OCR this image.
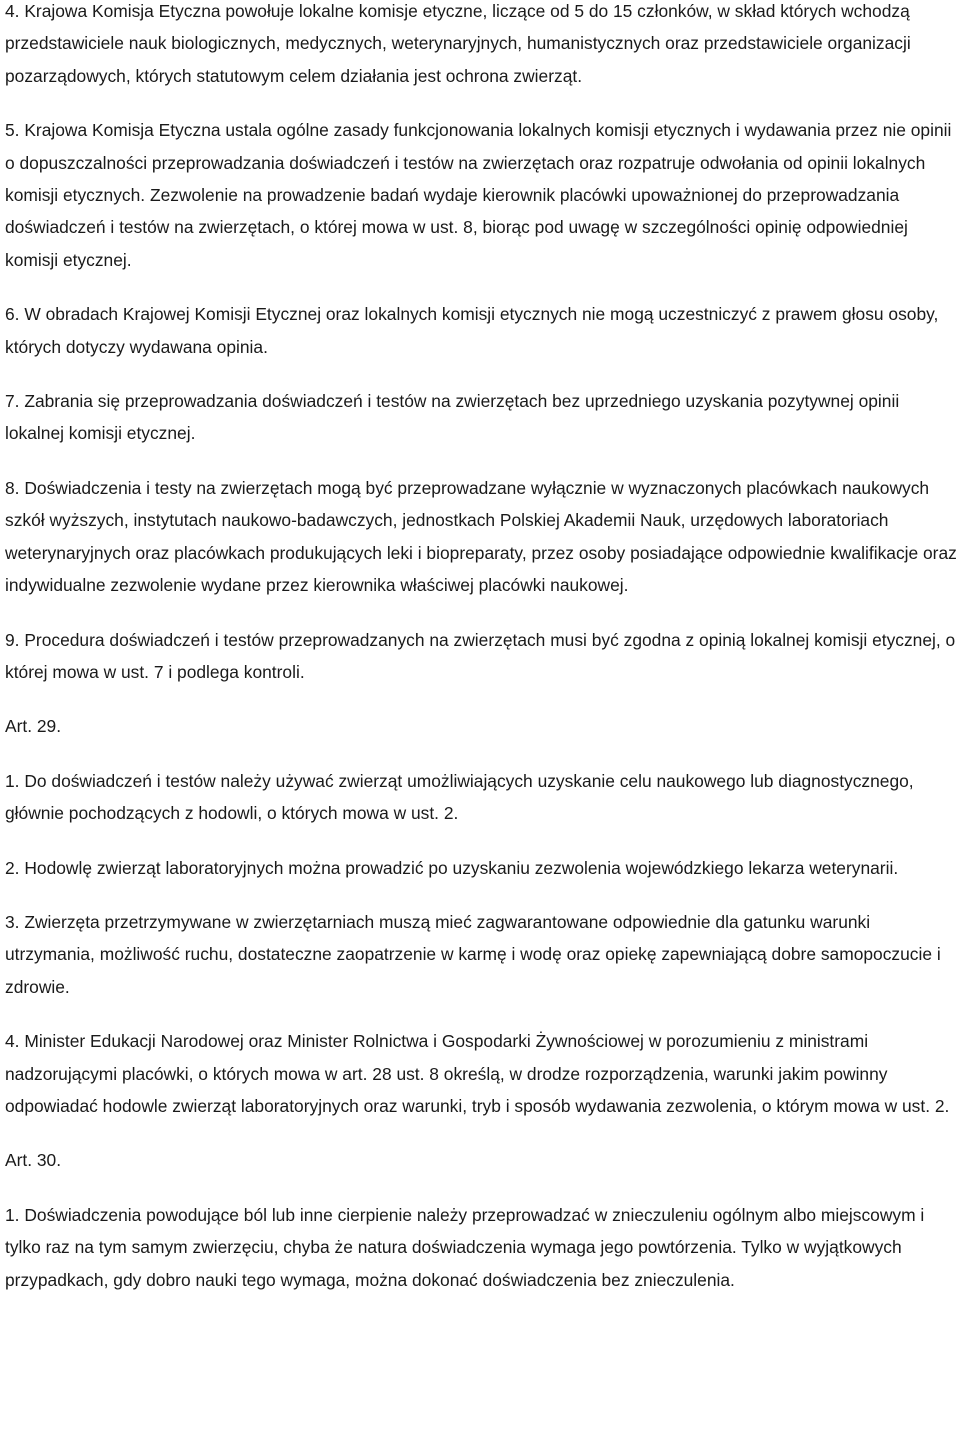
4. Krajowa Komisja Etyczna powołuje lokalne komisje etyczne, liczące od 5 do 15 członków, w skład których wchodzą przedstawiciele nauk biologicznych, medycznych, weterynaryjnych, humanistycznych oraz przedstawiciele organizacji pozarządowych, których statutowym celem działania jest ochrona zwierząt.

5. Krajowa Komisja Etyczna ustala ogólne zasady funkcjonowania lokalnych komisji etycznych i wydawania przez nie opinii o dopuszczalności przeprowadzania doświadczeń i testów na zwierzętach oraz rozpatruje odwołania od opinii lokalnych komisji etycznych. Zezwolenie na prowadzenie badań wydaje kierownik placówki upoważnionej do przeprowadzania doświadczeń i testów na zwierzętach, o której mowa w ust. 8, biorąc pod uwagę w szczególności opinię odpowiedniej komisji etycznej.

6. W obradach Krajowej Komisji Etycznej oraz lokalnych komisji etycznych nie mogą uczestniczyć z prawem głosu osoby, których dotyczy wydawana opinia.

7. Zabrania się przeprowadzania doświadczeń i testów na zwierzętach bez uprzedniego uzyskania pozytywnej opinii lokalnej komisji etycznej.

8. Doświadczenia i testy na zwierzętach mogą być przeprowadzane wyłącznie w wyznaczonych placówkach naukowych szkół wyższych, instytutach naukowo-badawczych, jednostkach Polskiej Akademii Nauk, urzędowych laboratoriach weterynaryjnych oraz placówkach produkujących leki i biopreparaty, przez osoby posiadające odpowiednie kwalifikacje oraz indywidualne zezwolenie wydane przez kierownika właściwej placówki naukowej.

9. Procedura doświadczeń i testów przeprowadzanych na zwierzętach musi być zgodna z opinią lokalnej komisji etycznej, o której mowa w ust. 7 i podlega kontroli.

Art. 29.

1. Do doświadczeń i testów należy używać zwierząt umożliwiających uzyskanie celu naukowego lub diagnostycznego, głównie pochodzących z hodowli, o których mowa w ust. 2.

2. Hodowlę zwierząt laboratoryjnych można prowadzić po uzyskaniu zezwolenia wojewódzkiego lekarza weterynarii.

3. Zwierzęta przetrzymywane w zwierzętarniach muszą mieć zagwarantowane odpowiednie dla gatunku warunki utrzymania, możliwość ruchu, dostateczne zaopatrzenie w karmę i wodę oraz opiekę zapewniającą dobre samopoczucie i zdrowie.

4. Minister Edukacji Narodowej oraz Minister Rolnictwa i Gospodarki Żywnościowej w porozumieniu z ministrami nadzorującymi placówki, o których mowa w art. 28 ust. 8 określą, w drodze rozporządzenia, warunki jakim powinny odpowiadać hodowle zwierząt laboratoryjnych oraz warunki, tryb i sposób wydawania zezwolenia, o którym mowa w ust. 2.

Art. 30.

1. Doświadczenia powodujące ból lub inne cierpienie należy przeprowadzać w znieczuleniu ogólnym albo miejscowym i tylko raz na tym samym zwierzęciu, chyba że natura doświadczenia wymaga jego powtórzenia. Tylko w wyjątkowych przypadkach, gdy dobro nauki tego wymaga, można dokonać doświadczenia bez znieczulenia.
